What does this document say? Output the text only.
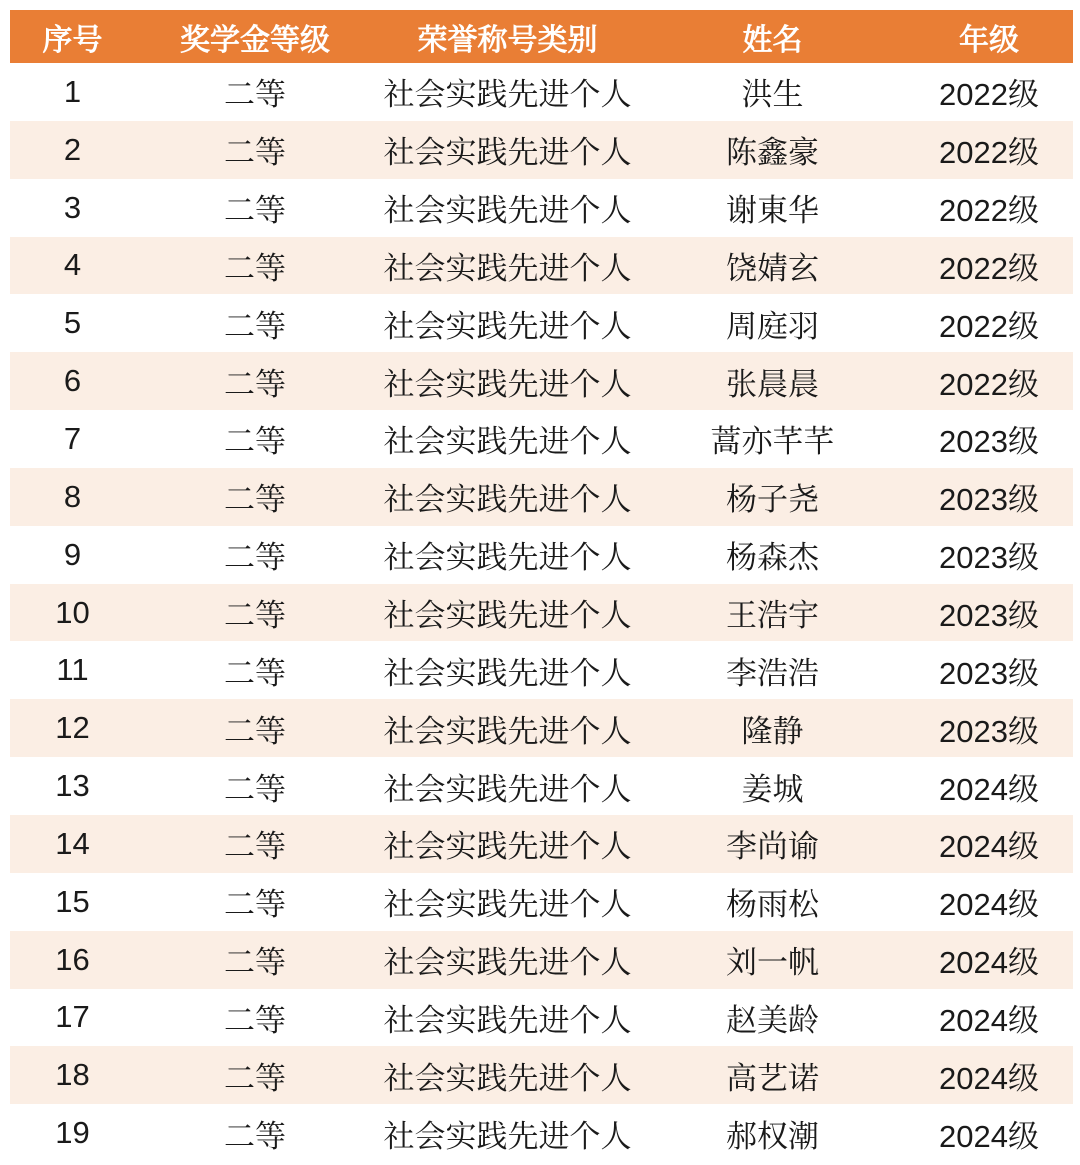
序号	奖学金等级	荣誉称号类别	姓名	年级
1	二等	社会实践先进个人	洪生	2022级
2	二等	社会实践先进个人	陈鑫豪	2022级
3	二等	社会实践先进个人	谢東华	2022级
4	二等	社会实践先进个人	饶婧玄	2022级
5	二等	社会实践先进个人	周庭羽	2022级
6	二等	社会实践先进个人	张晨晨	2022级
7	二等	社会实践先进个人	蒿亦芊芊	2023级
8	二等	社会实践先进个人	杨子尧	2023级
9	二等	社会实践先进个人	杨森杰	2023级
10	二等	社会实践先进个人	王浩宇	2023级
11	二等	社会实践先进个人	李浩浩	2023级
12	二等	社会实践先进个人	隆静	2023级
13	二等	社会实践先进个人	姜城	2024级
14	二等	社会实践先进个人	李尚谕	2024级
15	二等	社会实践先进个人	杨雨松	2024级
16	二等	社会实践先进个人	刘一帆	2024级
17	二等	社会实践先进个人	赵美龄	2024级
18	二等	社会实践先进个人	高艺诺	2024级
19	二等	社会实践先进个人	郝权潮	2024级
